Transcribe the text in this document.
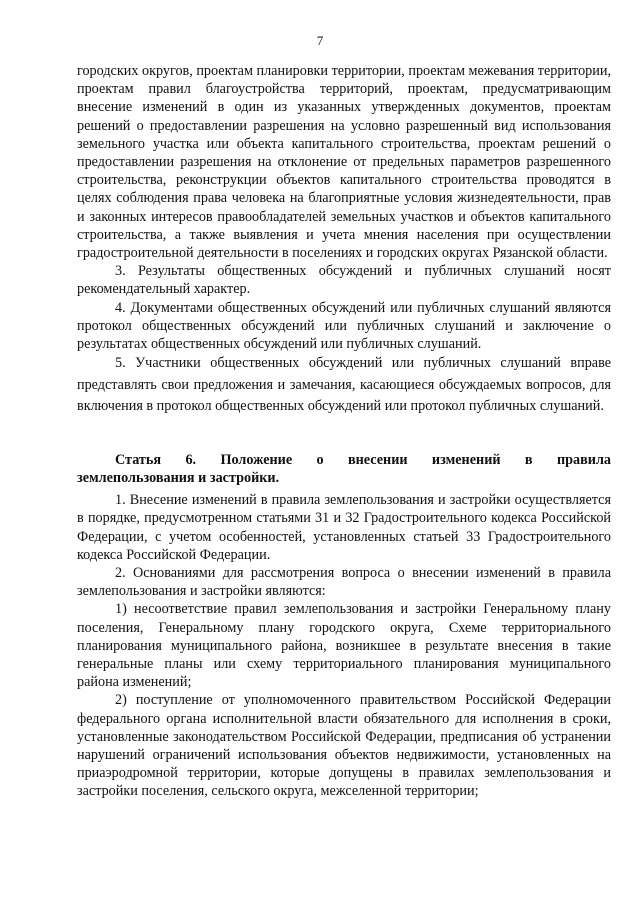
7

городских округов, проектам планировки территории, проектам межевания территории, проектам правил благоустройства территорий, проектам, предусматривающим внесение изменений в один из указанных утвержденных документов, проектам решений о предоставлении разрешения на условно разрешенный вид использования земельного участка или объекта капитального строительства, проектам решений о предоставлении разрешения на отклонение от предельных параметров разрешенного строительства, реконструкции объектов капитального строительства проводятся в целях соблюдения права человека на благоприятные условия жизнедеятельности, прав и законных интересов правообладателей земельных участков и объектов капитального строительства, а также выявления и учета мнения населения при осуществлении градостроительной деятельности в поселениях и городских округах Рязанской области.

3. Результаты общественных обсуждений и публичных слушаний носят рекомендательный характер.

4. Документами общественных обсуждений или публичных слушаний являются протокол общественных обсуждений или публичных слушаний и заключение о результатах общественных обсуждений или публичных слушаний.

5. Участники общественных обсуждений или публичных слушаний вправе представлять свои предложения и замечания, касающиеся обсуждаемых вопросов, для включения в протокол общественных обсуждений или протокол публичных слушаний.

Статья 6. Положение о внесении изменений в правила
землепользования и застройки.

1. Внесение изменений в правила землепользования и застройки осуществляется в порядке, предусмотренном статьями 31 и 32 Градостроительного кодекса Российской Федерации, с учетом особенностей, установленных статьей 33 Градостроительного кодекса Российской Федерации.

2. Основаниями для рассмотрения вопроса о внесении изменений в правила землепользования и застройки являются:

1) несоответствие правил землепользования и застройки Генеральному плану поселения, Генеральному плану городского округа, Схеме территориального планирования муниципального района, возникшее в результате внесения в такие генеральные планы или схему территориального планирования муниципального района изменений;

2) поступление от уполномоченного правительством Российской Федерации федерального органа исполнительной власти обязательного для исполнения в сроки, установленные законодательством Российской Федерации, предписания об устранении нарушений ограничений использования объектов недвижимости, установленных на приаэродромной территории, которые допущены в правилах землепользования и застройки поселения, сельского округа, межселенной территории;
